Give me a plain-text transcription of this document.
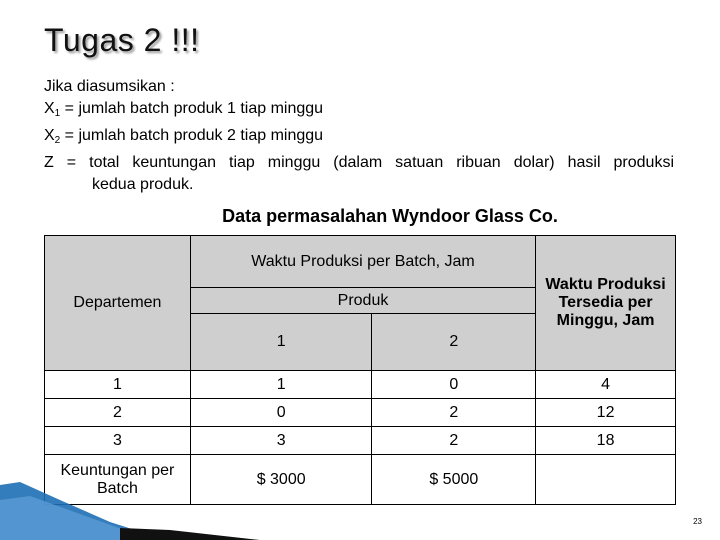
Tugas 2 !!!
Jika diasumsikan :
$X_1$ = jumlah batch produk 1 tiap minggu
$X_2$ = jumlah batch produk 2 tiap minggu
Z = total keuntungan tiap minggu (dalam satuan ribuan dolar) hasil produksi
kedua produk.
Data permasalahan Wyndoor Glass Co.
Departemen	Waktu Produksi per Batch, Jam		Waktu Produksi Tersedia per Minggu, Jam
	Produk		
	1	2	
1	1	0	4
2	0	2	12
3	3	2	18
Keuntungan per Batch	$ 3000	$ 5000	
23
